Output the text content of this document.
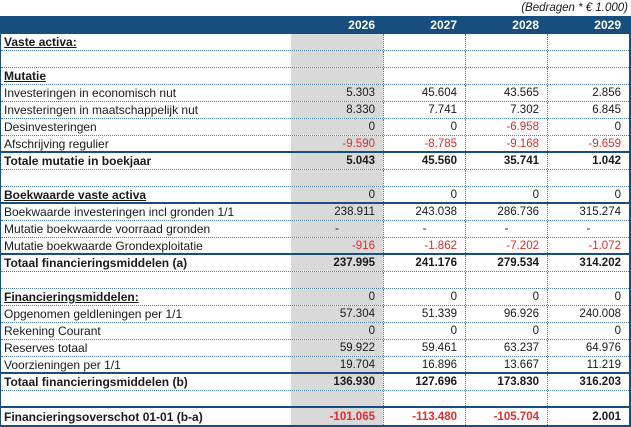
(Bedragen * € 1.000)
2026	2027	2028	2029
Vaste activa:
Mutatie
Investeringen in economisch nut	5.303	45.604	43.565	2.856
Investeringen in maatschappelijk nut	8.330	7.741	7.302	6.845
Desinvesteringen	0	0	-6.958	0
Afschrijving regulier	-9.590	-8.785	-9.168	-9.659
Totale mutatie in boekjaar	5.043	45.560	35.741	1.042
Boekwaarde vaste activa	0	0	0	0
Boekwaarde investeringen incl gronden 1/1	238.911	243.038	286.736	315.274
Mutatie boekwaarde voorraad gronden	-	-	-	-
Mutatie boekwaarde Grondexploitatie	-916	-1.862	-7.202	-1.072
Totaal financieringsmiddelen (a)	237.995	241.176	279.534	314.202
Financieringsmiddelen:	0	0	0	0
Opgenomen geldleningen per 1/1	57.304	51.339	96.926	240.008
Rekening Courant	0	0	0	0
Reserves totaal	59.922	59.461	63.237	64.976
Voorzieningen per 1/1	19.704	16.896	13.667	11.219
Totaal financieringsmiddelen (b)	136.930	127.696	173.830	316.203
Financieringsoverschot 01-01 (b-a)	-101.065	-113.480	-105.704	2.001
